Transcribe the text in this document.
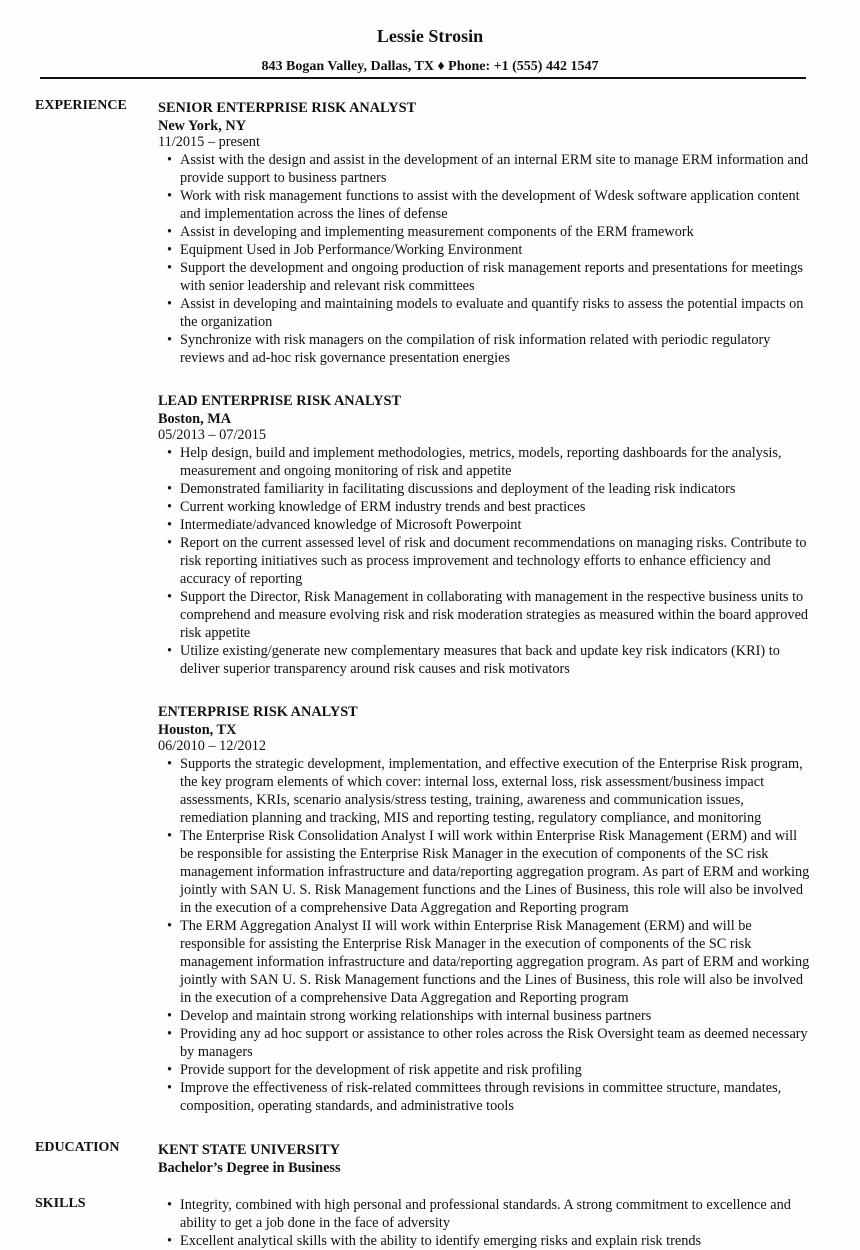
Lessie Strosin
843 Bogan Valley, Dallas, TX ♦ Phone: +1 (555) 442 1547
EXPERIENCE SENIOR ENTERPRISE RISK ANALYST
New York, NY
11/2015 – present
• Assist with the design and assist in the development of an internal ERM site to manage ERM information and provide support to business partners
• Work with risk management functions to assist with the development of Wdesk software application content and implementation across the lines of defense
• Assist in developing and implementing measurement components of the ERM framework
• Equipment Used in Job Performance/Working Environment
• Support the development and ongoing production of risk management reports and presentations for meetings with senior leadership and relevant risk committees
• Assist in developing and maintaining models to evaluate and quantify risks to assess the potential impacts on the organization
• Synchronize with risk managers on the compilation of risk information related with periodic regulatory reviews and ad-hoc risk governance presentation energies
LEAD ENTERPRISE RISK ANALYST
Boston, MA
05/2013 – 07/2015
• Help design, build and implement methodologies, metrics, models, reporting dashboards for the analysis, measurement and ongoing monitoring of risk and appetite
• Demonstrated familiarity in facilitating discussions and deployment of the leading risk indicators
• Current working knowledge of ERM industry trends and best practices
• Intermediate/advanced knowledge of Microsoft Powerpoint
• Report on the current assessed level of risk and document recommendations on managing risks. Contribute to risk reporting initiatives such as process improvement and technology efforts to enhance efficiency and accuracy of reporting
• Support the Director, Risk Management in collaborating with management in the respective business units to comprehend and measure evolving risk and risk moderation strategies as measured within the board approved risk appetite
• Utilize existing/generate new complementary measures that back and update key risk indicators (KRI) to deliver superior transparency around risk causes and risk motivators
ENTERPRISE RISK ANALYST
Houston, TX
06/2010 – 12/2012
• Supports the strategic development, implementation, and effective execution of the Enterprise Risk program, the key program elements of which cover: internal loss, external loss, risk assessment/business impact assessments, KRIs, scenario analysis/stress testing, training, awareness and communication issues, remediation planning and tracking, MIS and reporting testing, regulatory compliance, and monitoring
• The Enterprise Risk Consolidation Analyst I will work within Enterprise Risk Management (ERM) and will be responsible for assisting the Enterprise Risk Manager in the execution of components of the SC risk management information infrastructure and data/reporting aggregation program. As part of ERM and working jointly with SAN U. S. Risk Management functions and the Lines of Business, this role will also be involved in the execution of a comprehensive Data Aggregation and Reporting program
• The ERM Aggregation Analyst II will work within Enterprise Risk Management (ERM) and will be responsible for assisting the Enterprise Risk Manager in the execution of components of the SC risk management information infrastructure and data/reporting aggregation program. As part of ERM and working jointly with SAN U. S. Risk Management functions and the Lines of Business, this role will also be involved in the execution of a comprehensive Data Aggregation and Reporting program
• Develop and maintain strong working relationships with internal business partners
• Providing any ad hoc support or assistance to other roles across the Risk Oversight team as deemed necessary by managers
• Provide support for the development of risk appetite and risk profiling
• Improve the effectiveness of risk-related committees through revisions in committee structure, mandates, composition, operating standards, and administrative tools
EDUCATION	KENT STATE UNIVERSITY
Bachelor’s Degree in Business
SKILLS	• Integrity, combined with high personal and professional standards. A strong commitment to excellence and ability to get a job done in the face of adversity
• Excellent analytical skills with the ability to identify emerging risks and explain risk trends
